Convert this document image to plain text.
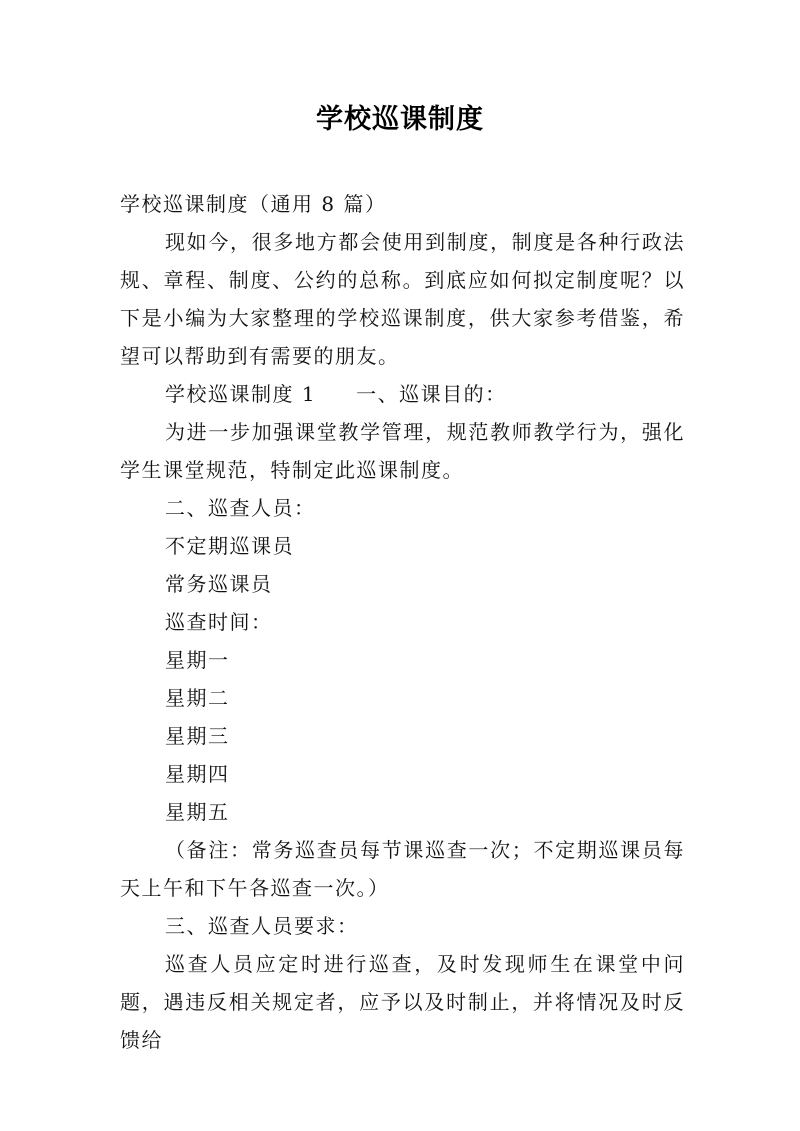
学校巡课制度

学校巡课制度（通用 8 篇）

现如今，很多地方都会使用到制度，制度是各种行政法规、章程、制度、公约的总称。到底应如何拟定制度呢？以下是小编为大家整理的学校巡课制度，供大家参考借鉴，希望可以帮助到有需要的朋友。

学校巡课制度 1 一、巡课目的：

为进一步加强课堂教学管理，规范教师教学行为，强化学生课堂规范，特制定此巡课制度。

二、巡查人员：

不定期巡课员

常务巡课员

巡查时间：

星期一

星期二

星期三

星期四

星期五

（备注：常务巡查员每节课巡查一次；不定期巡课员每天上午和下午各巡查一次。）

三、巡查人员要求：

巡查人员应定时进行巡查，及时发现师生在课堂中问题，遇违反相关规定者，应予以及时制止，并将情况及时反馈给
